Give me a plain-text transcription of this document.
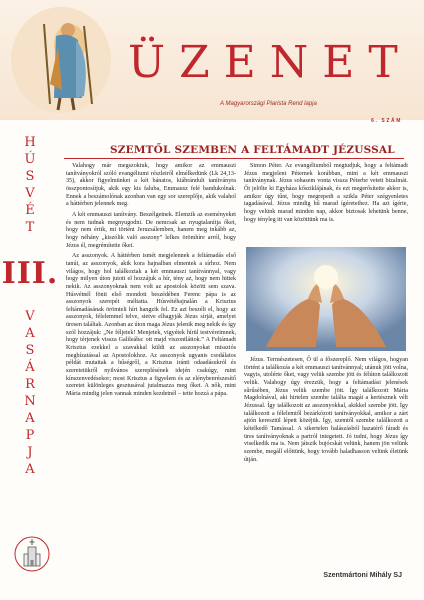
ÜZENET
A Magyarországi Piarista Rend lapja
6. SZÁM
H
Ú
S
V
É
T
III.
V
A
S
Á
R
N
A
P
J
A
SZEMTŐL SZEMBEN A FELTÁMADT JÉZUSSAL

Valahogy már megszoktuk, hogy amikor az emmauszi tanítványokról szóló evangéliumi részletről elmélkedünk (Lk 24,13-35), akkor figyelmünket a két bánatos, kiábrándult tanítványra összpontosítjuk, akik egy kis faluba, Emmausz felé bandukolnak. Ennek a beszámolónak azonban van egy sor szereplője, akik valahol a háttérben jelennek meg.

A két emmauszi tanítvány. Beszélgetnek. Elemzik az eseményeket és nem tudnak megnyugodni. De nemcsak az nyugtalanítja őket, hogy nem értik, mi történt Jeruzsálemben, hanem meg inkább az, hogy néhány „kiszólik való asszony” lelkes örömhíre arról, hogy Jézus él, megrémítette őket.

Az asszonyok. A háttérben ismét megjelennek a feltámadás első tanúi, az asszonyok, akik kora hajnalban elmentek a sírhoz. Nem világos, hogy hol találkoztak a két emmauszi tanítvánnyal, vagy hogy milyen úton jutott el hozzájuk a hír, tény az, hogy nem hittek nekik. Az asszonyoknak nem volt az apostolok között sem szava. Húsvétnél fönti első mondott beszédében Ferenc pápa is az asszonyok szerepét méltatta. Húsvétéhajnalán a Krisztus feltámadásának örömteli hírt hangzik fel. Ez azt beszéli el, hogy az asszonyok, félelemmel telve, sietve elhagyják Jézus sírját, amelyet üresen találtak. Azonban az úton maga Jézus jelenik meg nekik és így szól hozzájuk: „Ne féljetek! Menjetek, vigyétek hírül testvéreimnek, hogy térjenek vissza Galileába: ott majd viszontláttok.” A Feltámadt Krisztus ezekkel a szavakkal küldi az asszonyokat missziós megbízatással az Apostolokhoz. Az asszonyok ugyanis csodálatos példát mutattak a hűségről, a Krisztus iránti odaadásukról és szeretetükről nyilvános szereplésének idején csakúgy, mint kínszenvedésekor; most Krisztus a figyelem és az elénybenrészesítő szeretet különleges gesztusával jutalmazza meg őket. A nők, mint Mária mindig jelen vannak minden kezdetnél – tette hozzá a pápa.

Simon Péter. Az evangéliumból megtudjuk, hogy a feltámadt Jézus megjelent Péternek korábban, mint a két emmauszi tanítványnak. Jézus sohasem vonta vissza Péterbe vetett bizalmát. Őt jelölte ki Egyháza kősziklájának, és ezt megerősítette akkor is, amikor úgy tűnt, hogy megrepedt a szikla Péter szégyenletes tagadásával. Jézus mindig hű marad ígéreteihez. Ha azt ígérte, hogy velünk marad minden nap, akkor biztosak lehetünk benne, hogy tényleg itt van közöttünk ma is.

Jézus. Természetesen, Ő ül a főszereplő. Nem világos, hogyan történt a találkozás a két emmauszi tanítvánnyal; utánuk jött volna, vagyis, utolérte őket, vagy velük szembe jött és félúton találkozott velük. Valahogy úgy érezzük, hogy a feltámadási jelenések sűrűsében, Jézus velük szembe jött. Így találkozott Mária Magdolnával, aki hirtelen szembe találta magát a kertésznek vélt Jézussal. Így találkozott az asszonyokkal, akikkel szembe jött. Így találkozott a félelemtől bezárkózott tanítványokkal, amikor a zárt ajtón keresztül lépett közéjük. Így, szemtől szembe találkozott a kételkedő Tamással. A sikertelen halászásból hazatérő fáradt és üres tanítványoknak a partról integetett. Jó tudni, hogy Jézus így viselkedik ma is. Nem játszik bujócskát velünk, hanem jön velünk szembe, megáll előttünk, hogy tovább haladhasson velünk életünk útján.

Szentmártoni Mihály SJ
